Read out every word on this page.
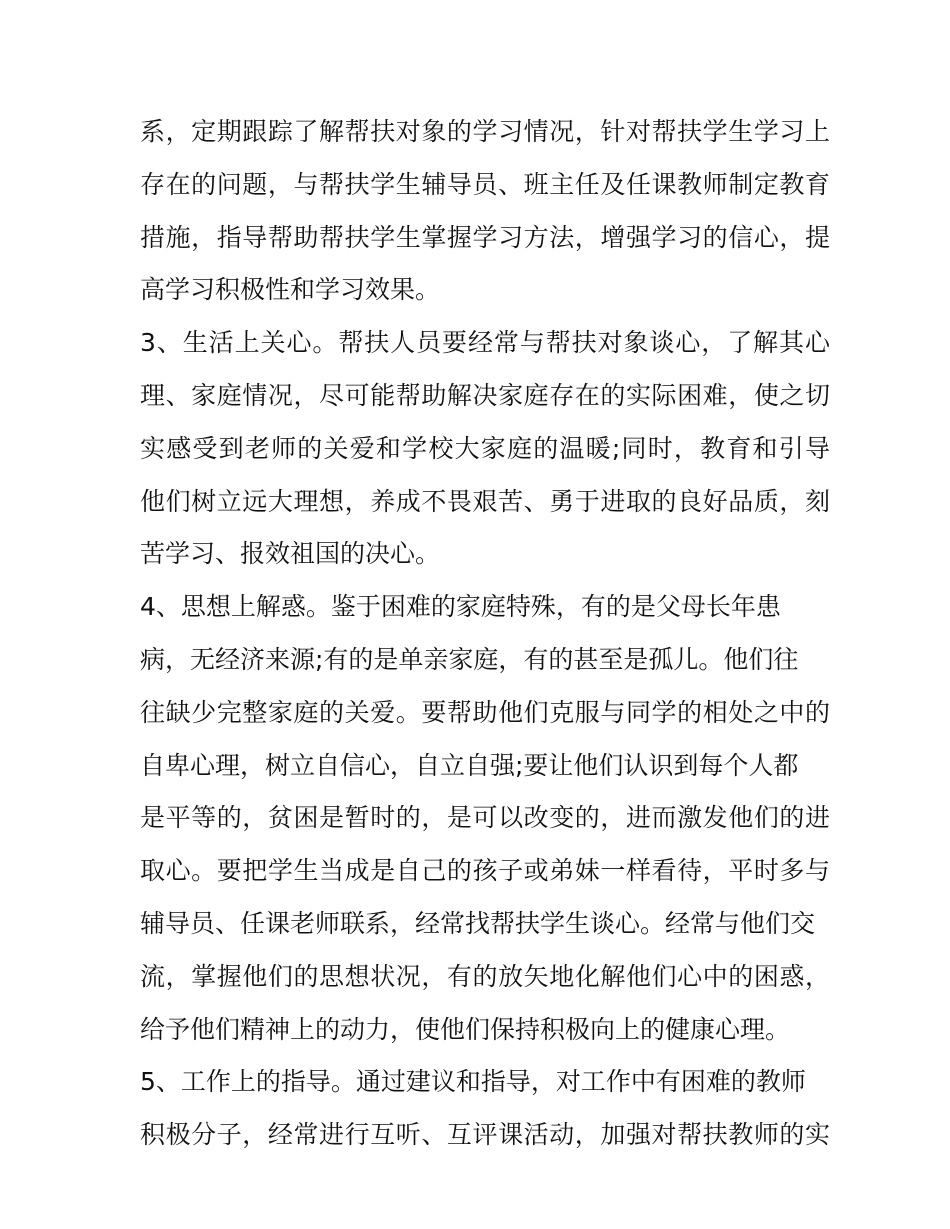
系，定期跟踪了解帮扶对象的学习情况，针对帮扶学生学习上
存在的问题，与帮扶学生辅导员、班主任及任课教师制定教育
措施，指导帮助帮扶学生掌握学习方法，增强学习的信心，提
高学习积极性和学习效果。
3、生活上关心。帮扶人员要经常与帮扶对象谈心，了解其心
理、家庭情况，尽可能帮助解决家庭存在的实际困难，使之切
实感受到老师的关爱和学校大家庭的温暖;同时，教育和引导
他们树立远大理想，养成不畏艰苦、勇于进取的良好品质，刻
苦学习、报效祖国的决心。
4、思想上解惑。鉴于困难的家庭特殊，有的是父母长年患
病，无经济来源;有的是单亲家庭，有的甚至是孤儿。他们往
往缺少完整家庭的关爱。要帮助他们克服与同学的相处之中的
自卑心理，树立自信心，自立自强;要让他们认识到每个人都
是平等的，贫困是暂时的，是可以改变的，进而激发他们的进
取心。要把学生当成是自己的孩子或弟妹一样看待，平时多与
辅导员、任课老师联系，经常找帮扶学生谈心。经常与他们交
流，掌握他们的思想状况，有的放矢地化解他们心中的困惑，
给予他们精神上的动力，使他们保持积极向上的健康心理。
5、工作上的指导。通过建议和指导，对工作中有困难的教师
积极分子，经常进行互听、互评课活动，加强对帮扶教师的实
